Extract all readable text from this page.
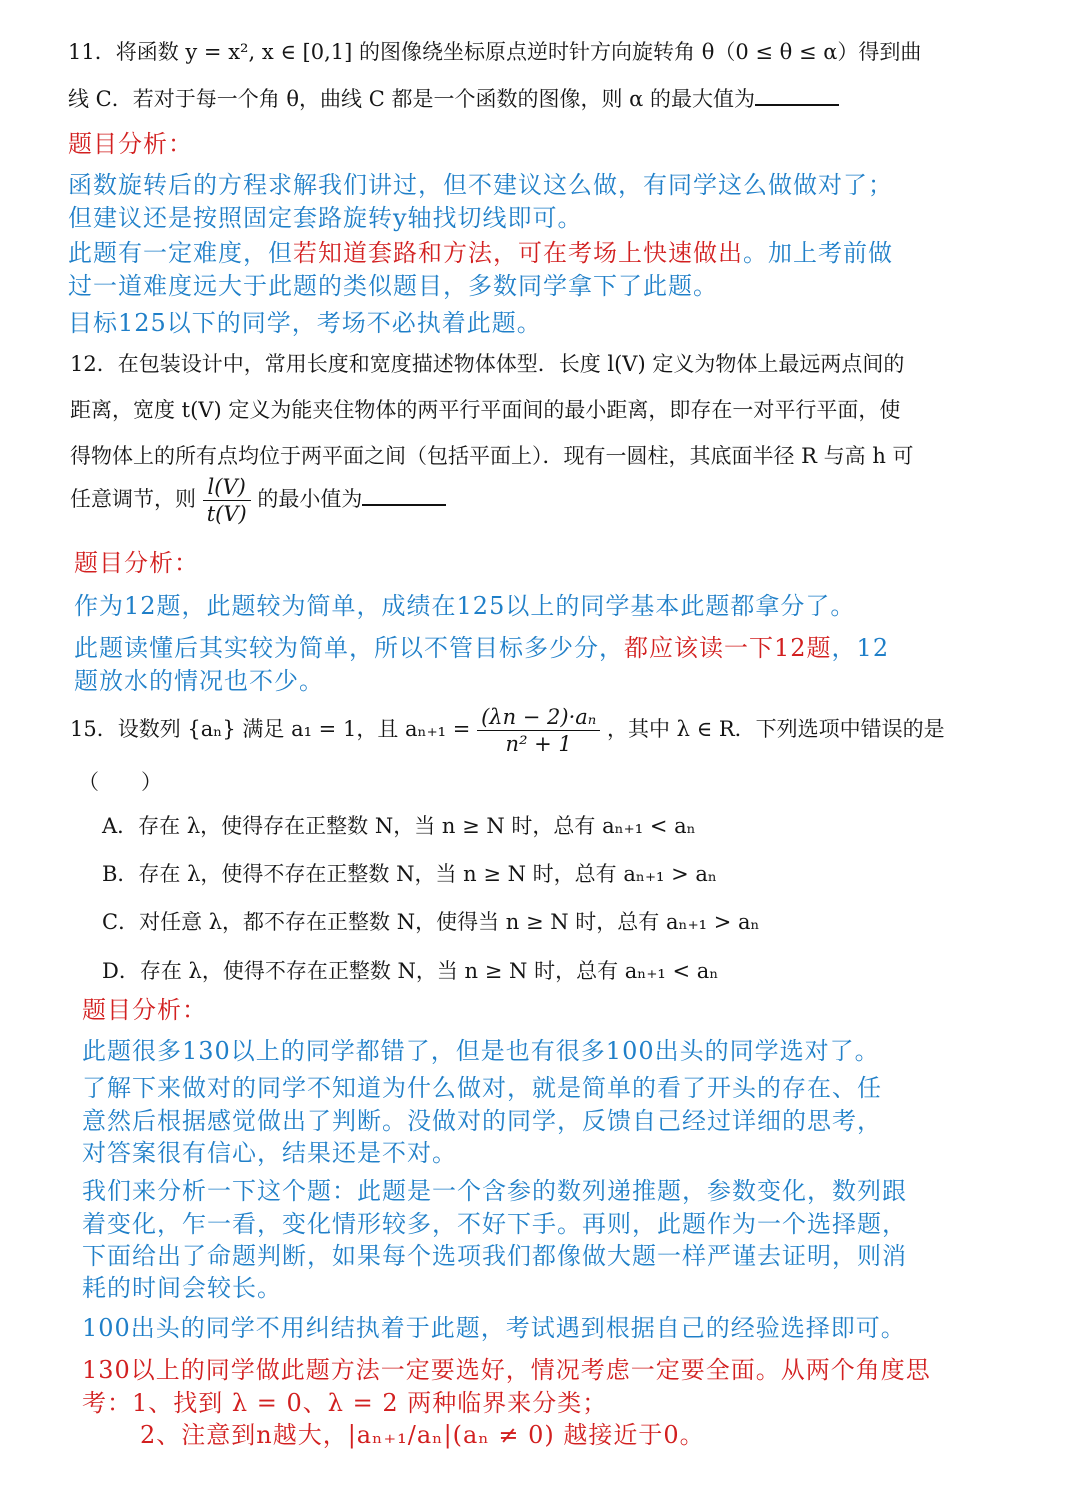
11．将函数 y = x², x ∈ [0,1] 的图像绕坐标原点逆时针方向旋转角 θ（0 ≤ θ ≤ α）得到曲
线 C．若对于每一个角 θ，曲线 C 都是一个函数的图像，则 α 的最大值为
题目分析：
函数旋转后的方程求解我们讲过，但不建议这么做，有同学这么做做对了；
但建议还是按照固定套路旋转y轴找切线即可。
此题有一定难度，但若知道套路和方法，可在考场上快速做出。加上考前做
过一道难度远大于此题的类似题目，多数同学拿下了此题。
目标125以下的同学，考场不必执着此题。
12．在包装设计中，常用长度和宽度描述物体体型．长度 l(V) 定义为物体上最远两点间的
距离，宽度 t(V) 定义为能夹住物体的两平行平面间的最小距离，即存在一对平行平面，使
得物体上的所有点均位于两平面之间（包括平面上）．现有一圆柱，其底面半径 R 与高 h 可
任意调节，则 $\frac{l(V)}{t(V)}$ 的最小值为
题目分析：
作为12题，此题较为简单，成绩在125以上的同学基本此题都拿分了。
此题读懂后其实较为简单，所以不管目标多少分，都应该读一下12题，12
题放水的情况也不少。
15．设数列 {aₙ} 满足 a₁ = 1，且 $a_{n+1} = \frac{\text{(λn − 2)·aₙ}}{\text{n² + 1}}$ ，其中 λ ∈ R．下列选项中错误的是
（　　）
A．存在 λ，使得存在正整数 N，当 n ≥ N 时，总有 aₙ₊₁ < aₙ
B．存在 λ，使得不存在正整数 N，当 n ≥ N 时，总有 aₙ₊₁ > aₙ
C．对任意 λ，都不存在正整数 N，使得当 n ≥ N 时，总有 aₙ₊₁ > aₙ
D．存在 λ，使得不存在正整数 N，当 n ≥ N 时，总有 aₙ₊₁ < aₙ
题目分析：
此题很多130以上的同学都错了，但是也有很多100出头的同学选对了。
了解下来做对的同学不知道为什么做对，就是简单的看了开头的存在、任
意然后根据感觉做出了判断。没做对的同学，反馈自己经过详细的思考，
对答案很有信心，结果还是不对。
我们来分析一下这个题：此题是一个含参的数列递推题，参数变化，数列跟
着变化，乍一看，变化情形较多，不好下手。再则，此题作为一个选择题，
下面给出了命题判断，如果每个选项我们都像做大题一样严谨去证明，则消
耗的时间会较长。
100出头的同学不用纠结执着于此题，考试遇到根据自己的经验选择即可。
130以上的同学做此题方法一定要选好，情况考虑一定要全面。从两个角度思
考：1、找到 λ = 0、λ = 2 两种临界来分类；
2、注意到n越大，|aₙ₊₁/aₙ|(aₙ ≠ 0) 越接近于0。
